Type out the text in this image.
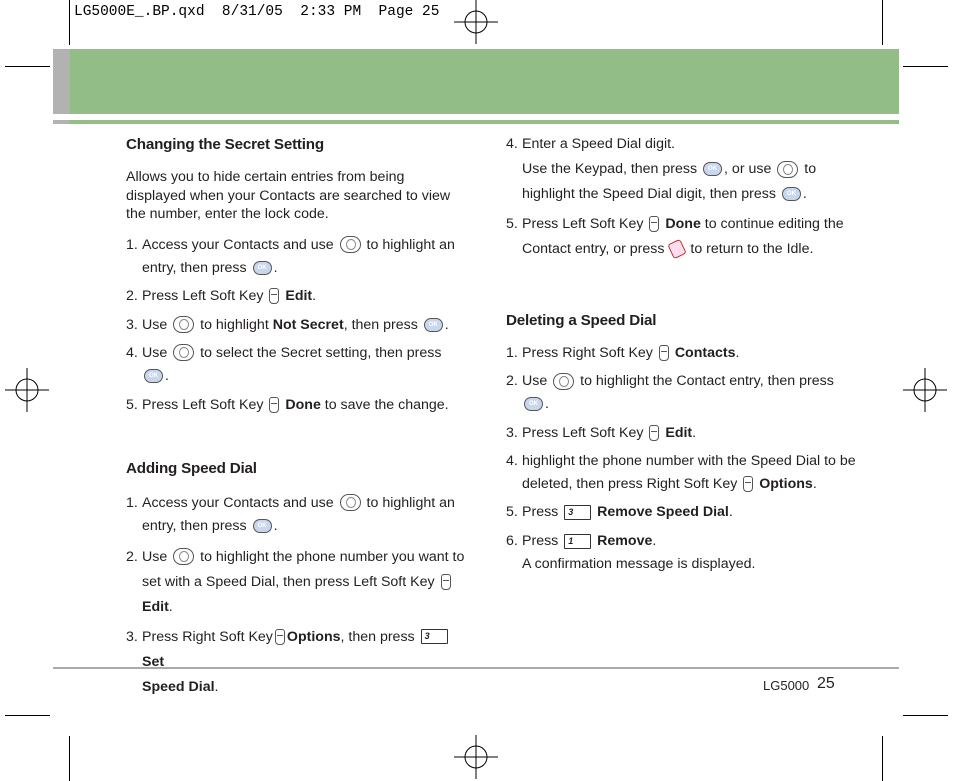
LG5000E_.BP.qxd  8/31/05  2:33 PM  Page 25
Changing the Secret Setting
Allows you to hide certain entries from being displayed when your Contacts are searched to view the number, enter the lock code.
1. Access your Contacts and use to highlight an
entry, then press OK .
2. Press Left Soft Key Edit.
3. Use to highlight Not Secret, then press OK .
4. Use to select the Secret setting, then press OK.
5. Press Left Soft Key Done to save the change.
Adding Speed Dial
1. Access your Contacts and use to highlight an
entry, then press OK .
2. Use to highlight the phone number you want to
set with a Speed Dial, then press Left Soft Key
Edit.
3. Press Right Soft Key Options, then press 3 Set
Speed Dial.
4. Enter a Speed Dial digit.
Use the Keypad, then press OK , or use to
highlight the Speed Dial digit, then press OK .
5. Press Left Soft Key Done to continue editing the
Contact entry, or press to return to the Idle.
Deleting a Speed Dial
1. Press Right Soft Key Contacts.
2. Use to highlight the Contact entry, then press OK.
3. Press Left Soft Key Edit.
4. highlight the phone number with the Speed Dial to be
deleted, then press Right Soft Key Options.
5. Press 3 Remove Speed Dial.
6. Press 1 Remove.
A confirmation message is displayed.
LG5000 25
